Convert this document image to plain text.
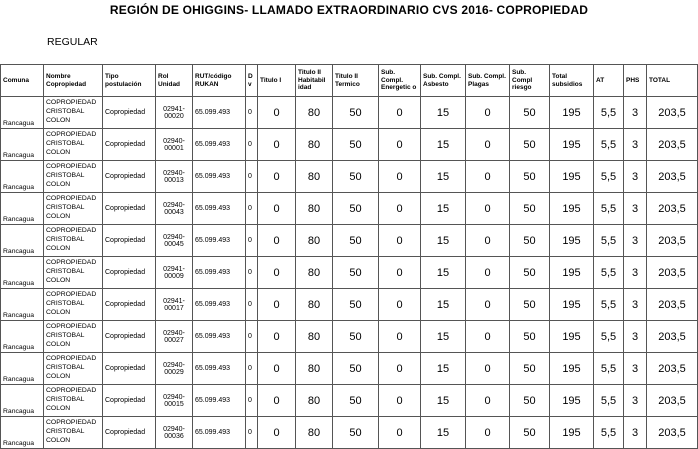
REGIÓN DE OHIGGINS- LLAMADO EXTRAORDINARIO CVS 2016- COPROPIEDAD
REGULAR
Comuna	Nombre Copropiedad	Tipo postulación	Rol Unidad	RUT/código RUKAN	D v	Titulo I	Titulo II Habitabil idad	Titulo II Termico	Sub. Compl. Energetic o	Sub. Compl. Asbesto	Sub. Compl. Plagas	Sub. Compl riesgo	Total subsidios	AT	PHS	TOTAL
Rancagua	COPROPIEDAD CRISTOBAL COLON	Copropiedad	02941-00020	65.099.493	0	0	80	50	0	15	0	50	195	5,5	3	203,5
Rancagua	COPROPIEDAD CRISTOBAL COLON	Copropiedad	02940-00001	65.099.493	0	0	80	50	0	15	0	50	195	5,5	3	203,5
Rancagua	COPROPIEDAD CRISTOBAL COLON	Copropiedad	02940-00013	65.099.493	0	0	80	50	0	15	0	50	195	5,5	3	203,5
Rancagua	COPROPIEDAD CRISTOBAL COLON	Copropiedad	02940-00043	65.099.493	0	0	80	50	0	15	0	50	195	5,5	3	203,5
Rancagua	COPROPIEDAD CRISTOBAL COLON	Copropiedad	02940-00045	65.099.493	0	0	80	50	0	15	0	50	195	5,5	3	203,5
Rancagua	COPROPIEDAD CRISTOBAL COLON	Copropiedad	02941-00009	65.099.493	0	0	80	50	0	15	0	50	195	5,5	3	203,5
Rancagua	COPROPIEDAD CRISTOBAL COLON	Copropiedad	02941-00017	65.099.493	0	0	80	50	0	15	0	50	195	5,5	3	203,5
Rancagua	COPROPIEDAD CRISTOBAL COLON	Copropiedad	02940-00027	65.099.493	0	0	80	50	0	15	0	50	195	5,5	3	203,5
Rancagua	COPROPIEDAD CRISTOBAL COLON	Copropiedad	02940-00029	65.099.493	0	0	80	50	0	15	0	50	195	5,5	3	203,5
Rancagua	COPROPIEDAD CRISTOBAL COLON	Copropiedad	02940-00015	65.099.493	0	0	80	50	0	15	0	50	195	5,5	3	203,5
Rancagua	COPROPIEDAD CRISTOBAL COLON	Copropiedad	02940-00036	65.099.493	0	0	80	50	0	15	0	50	195	5,5	3	203,5
